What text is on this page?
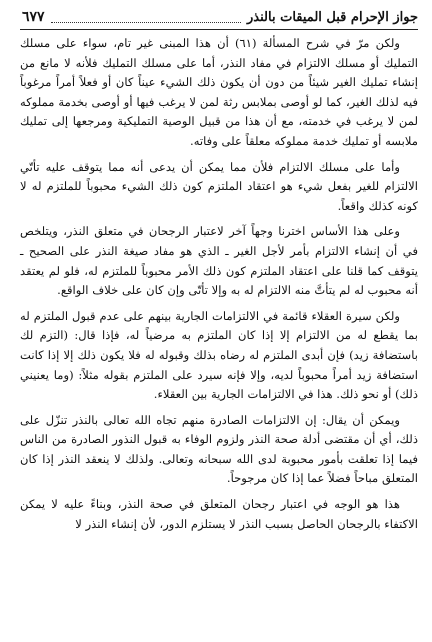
جواز الإحرام قبل الميقات بالنذر
٦٧٧

ولكن مرّ في شرح المسألة (٦١) أن هذا المبنى غير تام، سواء على مسلك التمليك أو مسلك الالتزام في مفاد النذر، أما على مسلك التمليك فلأنه لا مانع من إنشاء تمليك الغير شيئاً من دون أن يكون ذلك الشيء عيناً كان أو فعلاً أمراً مرغوباً فيه لذلك الغير، كما لو أوصى بملابس رثة لمن لا يرغب فيها أو أوصى بخدمة مملوكه لمن لا يرغب في خدمته، مع أن هذا من قبيل الوصية التمليكية ومرجعها إلى تمليك ملابسه أو تمليك خدمة مملوكه معلقاً على وفاته.

وأما على مسلك الالتزام فلأن مما يمكن أن يدعى أنه مما يتوقف عليه تأتّي الالتزام للغير بفعل شيء هو اعتقاد الملتزم كون ذلك الشيء محبوباً للملتزم له لا كونه كذلك واقعاً.

وعلى هذا الأساس اخترنا وجهاً آخر لاعتبار الرجحان في متعلق النذر، ويتلخص في أن إنشاء الالتزام بأمر لأجل الغير ـ الذي هو مفاد صيغة النذر على الصحيح ـ يتوقف كما قلنا على اعتقاد الملتزم كون ذلك الأمر محبوباً للملتزم له، فلو لم يعتقد أنه محبوب له لم يتأتَّ منه الالتزام له به وإلا تأتّى وإن كان على خلاف الواقع.

ولكن سيرة العقلاء قائمة في الالتزامات الجارية بينهم على عدم قبول الملتزم له بما يقطع له من الالتزام إلا إذا كان الملتزم به مرضياً له، فإذا قال: (التزم لك باستضافة زيد) فإن أبدى الملتزم له رضاه بذلك وقبوله له فلا يكون ذلك إلا إذا كانت استضافة زيد أمراً محبوباً لديه، وإلا فإنه سيرد على الملتزم بقوله مثلاً: (وما يعنيني ذلك) أو نحو ذلك. هذا في الالتزامات الجارية بين العقلاء.

ويمكن أن يقال: إن الالتزامات الصادرة منهم تجاه الله تعالى بالنذر تنزّل على ذلك، أي أن مقتضى أدلة صحة النذر ولزوم الوفاء به قبول النذور الصادرة من الناس فيما إذا تعلقت بأمور محبوبة لدى الله سبحانه وتعالى. ولذلك لا ينعقد النذر إذا كان المتعلق مباحاً فضلاً عما إذا كان مرجوحاً.

هذا هو الوجه في اعتبار رجحان المتعلق في صحة النذر، وبناءً عليه لا يمكن الاكتفاء بالرجحان الحاصل بسبب النذر لا يستلزم الدور، لأن إنشاء النذر لا
